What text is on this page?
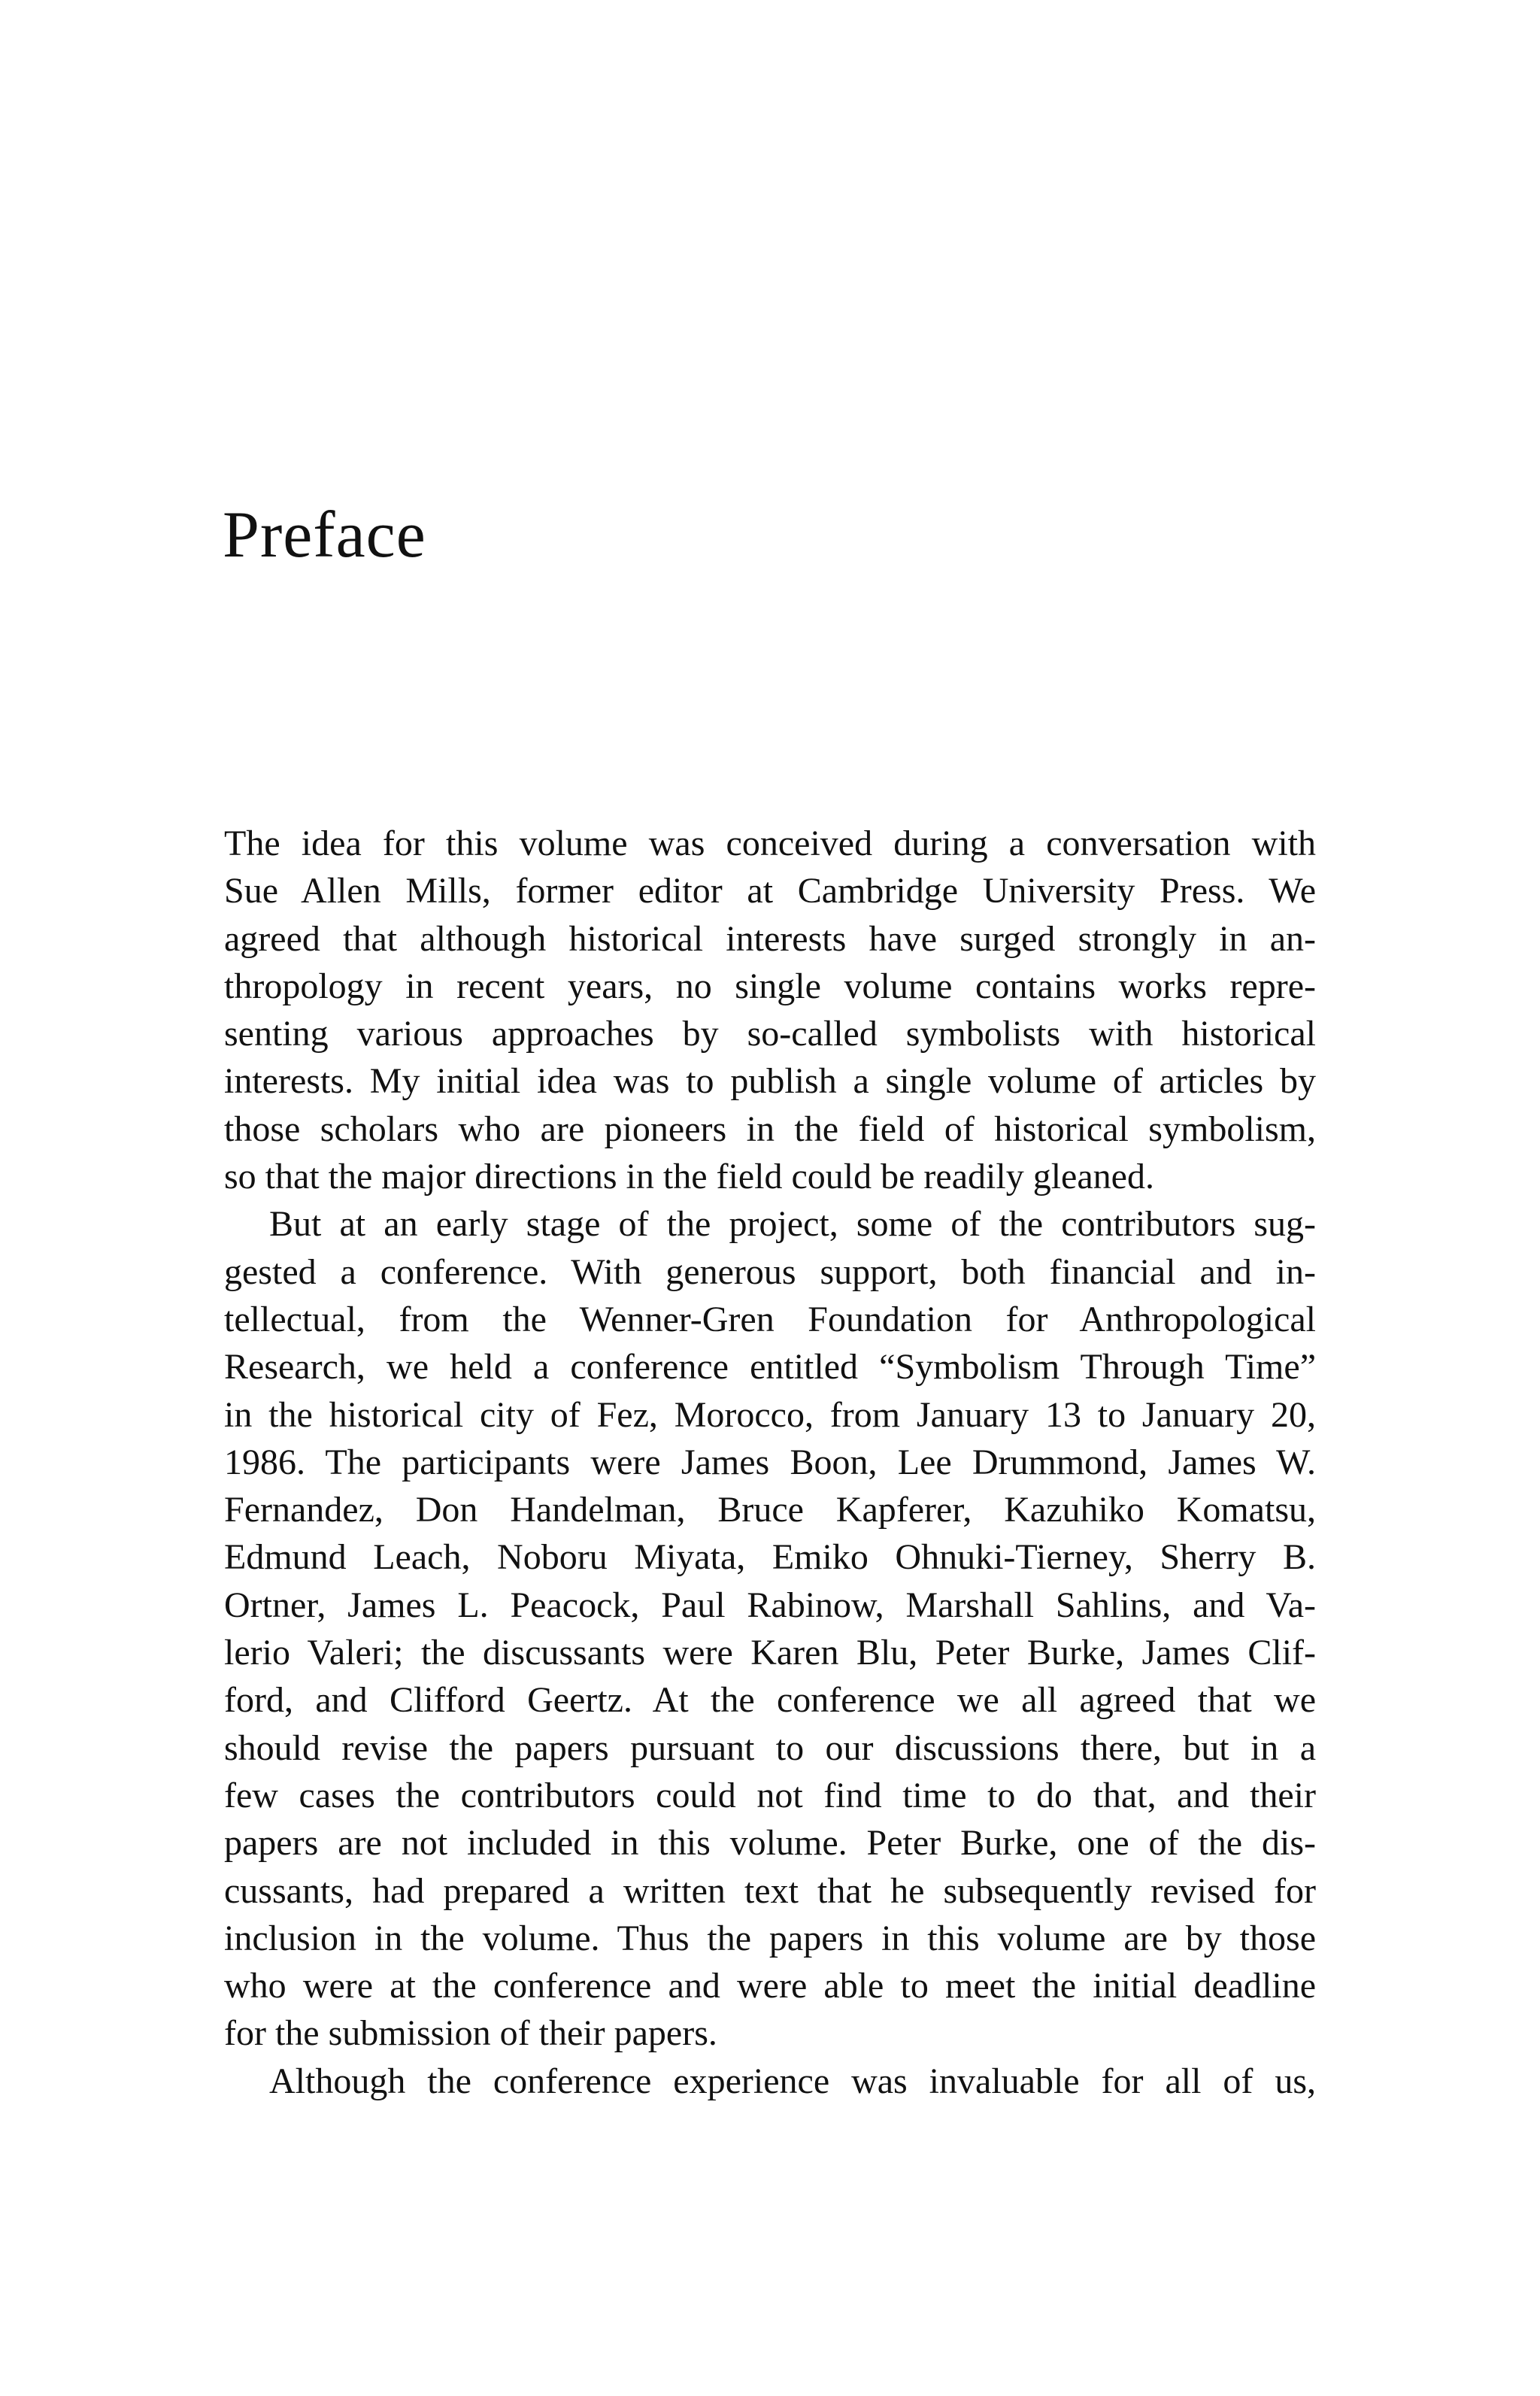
Preface
The idea for this volume was conceived during a conversation with
Sue Allen Mills, former editor at Cambridge University Press. We
agreed that although historical interests have surged strongly in an-
thropology in recent years, no single volume contains works repre-
senting various approaches by so-called symbolists with historical
interests. My initial idea was to publish a single volume of articles by
those scholars who are pioneers in the field of historical symbolism,
so that the major directions in the field could be readily gleaned.
But at an early stage of the project, some of the contributors sug-
gested a conference. With generous support, both financial and in-
tellectual, from the Wenner-Gren Foundation for Anthropological
Research, we held a conference entitled “Symbolism Through Time”
in the historical city of Fez, Morocco, from January 13 to January 20,
1986. The participants were James Boon, Lee Drummond, James W.
Fernandez, Don Handelman, Bruce Kapferer, Kazuhiko Komatsu,
Edmund Leach, Noboru Miyata, Emiko Ohnuki-Tierney, Sherry B.
Ortner, James L. Peacock, Paul Rabinow, Marshall Sahlins, and Va-
lerio Valeri; the discussants were Karen Blu, Peter Burke, James Clif-
ford, and Clifford Geertz. At the conference we all agreed that we
should revise the papers pursuant to our discussions there, but in a
few cases the contributors could not find time to do that, and their
papers are not included in this volume. Peter Burke, one of the dis-
cussants, had prepared a written text that he subsequently revised for
inclusion in the volume. Thus the papers in this volume are by those
who were at the conference and were able to meet the initial deadline
for the submission of their papers.
Although the conference experience was invaluable for all of us,
